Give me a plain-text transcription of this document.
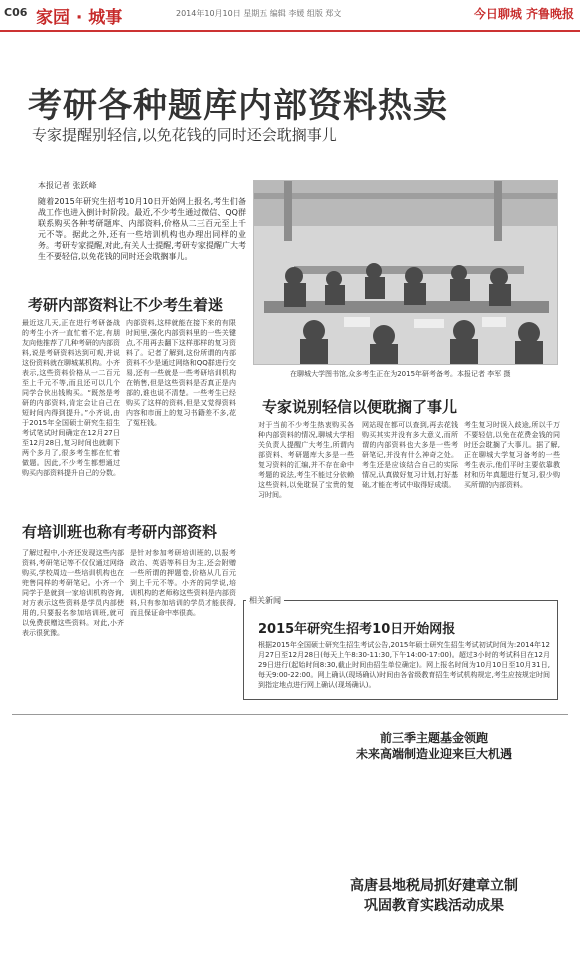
C06 家园 · 城事	2014年10月10日 星期五 编辑 李媛 组版 郑文	今日聊城 齐鲁晚报
考研各种题库内部资料热卖
专家提醒别轻信,以免花钱的同时还会耽搁事儿
本报记者 张跃峰
随着2015年研究生招考10月10日开始网上报名,考生们备战工作也进入倒计时阶段。最近,不少考生通过微信、QQ群联系购买各种考研题库、内部资料,价格从二三百元至上千元不等。据此之外,还有一些培训机构也办理出同样的业务。考研专家提醒,对此,有关人士提醒,考研专家提醒广大考生不要轻信,以免花钱的同时还会耽搁事儿。
在聊城大学图书馆,众多考生正在为2015年研考备考。本报记者 李军 摄
考研内部资料让不少考生着迷
有培训班也称有考研内部资料
专家说别轻信以便耽搁了事儿
最近这几天,正在进行考研备战的考生小齐一直忙着不定,有朋友向他推荐了几种考研的内部资料,说是考研资料达到可观,并说这份资料就在聊城某机构。小齐表示,这些资料价格从一二百元至上千元不等,而且还可以几个同学合伙出钱购买。“既然是考研的内部资料,肯定会让自己在短时间内得到提升。”小齐说,由于2015年全国硕士研究生招生考试笔试时间确定在12月27日至12月28日,复习时间也就剩下两个多月了,很多考生都在忙着做题。因此,不少考生都想通过购买内部资料提升自己的分数。
内部资料,这样就能在接下来的有限时间里,强化内部资料里的一些关键点,不用再去翻下这样那样的复习资料了。记者了解到,这份所谓的内部资料不少是通过网络和QQ群进行交易,还有一些就是一些考研培训机构在销售,但是这些资料是否真正是内部的,谁也说不清楚。一些考生已经购买了这样的资料,但是又觉得资料内容和市面上的复习书籍差不多,花了冤枉钱。
了解过程中,小齐还发现这些内部资料,考研笔记等不仅仅通过网络购买,学校周边一些培训机构也在兜售同样的考研笔记。小齐一个同学于是就到一家培训机构咨询,对方表示这些资料是学员内部使用的,只要报名参加培训班,就可以免费获赠这些资料。对此,小齐表示很犹豫。
是针对参加考研培训班的,以报考政治、英语等科目为主,还会附赠一些所谓的押题卷,价格从几百元到上千元不等。小齐的同学说,培训机构的老师称这些资料是内部资料,只有参加培训的学员才能获得,而且保证命中率很高。
对于当前不少考生热衷购买各种内部资料的情况,聊城大学相关负责人提醒广大考生,所谓内部资料、考研题库大多是一些复习资料的汇编,并不存在命中考题的说法,考生不能过分依赖这些资料,以免耽误了宝贵的复习时间。
网站现在都可以查到,再去花钱购买其实并没有多大意义,而所谓的内部资料也大多是一些考研笔记,并没有什么神奇之处。考生还是应该结合自己的实际情况,认真做好复习计划,打好基础,才能在考试中取得好成绩。
考生复习时误入歧途,所以千万不要轻信,以免在花费金钱的同时还会耽搁了大事儿。据了解,正在聊城大学复习备考的一些考生表示,他们平时主要依靠教材和历年真题进行复习,很少购买所谓的内部资料。
相关新闻
2015年研究生招考10日开始网报
根据2015年全国硕士研究生招生考试公告,2015年硕士研究生招生考试初试时间为:2014年12月27日至12月28日(每天上午8:30-11:30,下午14:00-17:00)。超过3小时的考试科目在12月29日进行(起始时间8:30,截止时间由招生单位确定)。网上报名时间为10月10日至10月31日,每天9:00-22:00。网上确认(现场确认)时间由各省级教育招生考试机构规定,考生应按规定时间到指定地点进行网上确认(现场确认)。
前三季主题基金领跑
未来高端制造业迎来巨大机遇
高唐县地税局抓好建章立制
巩固教育实践活动成果
